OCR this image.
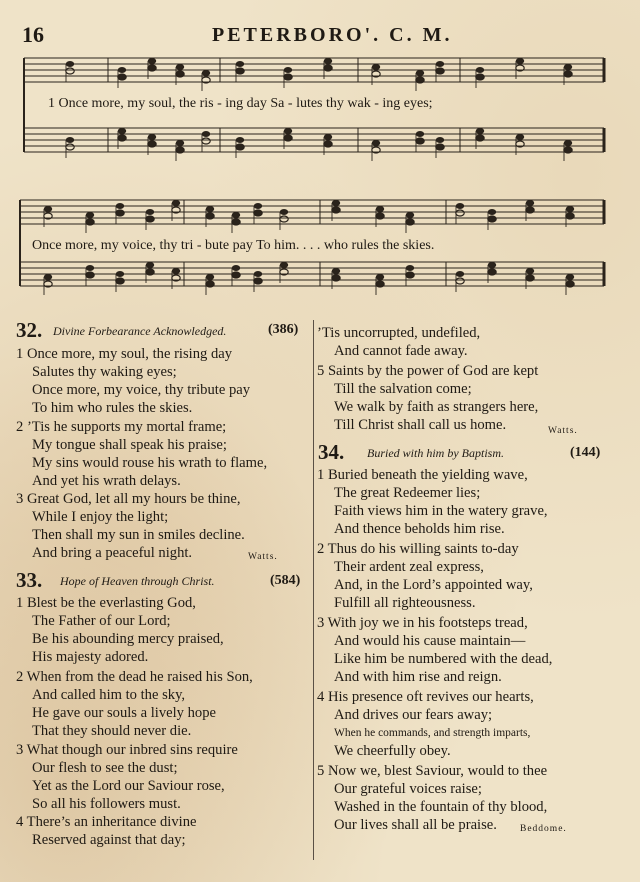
16	PETERBORO'. C. M.
1 Once more, my soul, the ris - ing day Sa - lutes thy wak - ing eyes;
Once more, my voice, thy tri - bute pay To him. . . . who rules the skies.
32. Divine Forbearance Acknowledged.	(386)
1 Once more, my soul, the rising day
Salutes thy waking eyes;
Once more, my voice, thy tribute pay
To him who rules the skies.
2 ’Tis he supports my mortal frame;
My tongue shall speak his praise;
My sins would rouse his wrath to flame,
And yet his wrath delays.
3 Great God, let all my hours be thine,
While I enjoy the light;
Then shall my sun in smiles decline.
And bring a peaceful night.	Watts.
33. Hope of Heaven through Christ.	(584)
1 Blest be the everlasting God,
The Father of our Lord;
Be his abounding mercy praised,
His majesty adored.
2 When from the dead he raised his Son,
And called him to the sky,
He gave our souls a lively hope
That they should never die.
3 What though our inbred sins require
Our flesh to see the dust;
Yet as the Lord our Saviour rose,
So all his followers must.
4 There’s an inheritance divine
Reserved against that day;
’Tis uncorrupted, undefiled,
And cannot fade away.
5 Saints by the power of God are kept
Till the salvation come;
We walk by faith as strangers here,
Till Christ shall call us home.	Watts.
34. Buried with him by Baptism.	(144)
1 Buried beneath the yielding wave,
The great Redeemer lies;
Faith views him in the watery grave,
And thence beholds him rise.
2 Thus do his willing saints to-day
Their ardent zeal express,
And, in the Lord’s appointed way,
Fulfill all righteousness.
3 With joy we in his footsteps tread,
And would his cause maintain—
Like him be numbered with the dead,
And with him rise and reign.
4 His presence oft revives our hearts,
And drives our fears away;
When he commands, and strength imparts,
We cheerfully obey.
5 Now we, blest Saviour, would to thee
Our grateful voices raise;
Washed in the fountain of thy blood,
Our lives shall all be praise. Beddome.
